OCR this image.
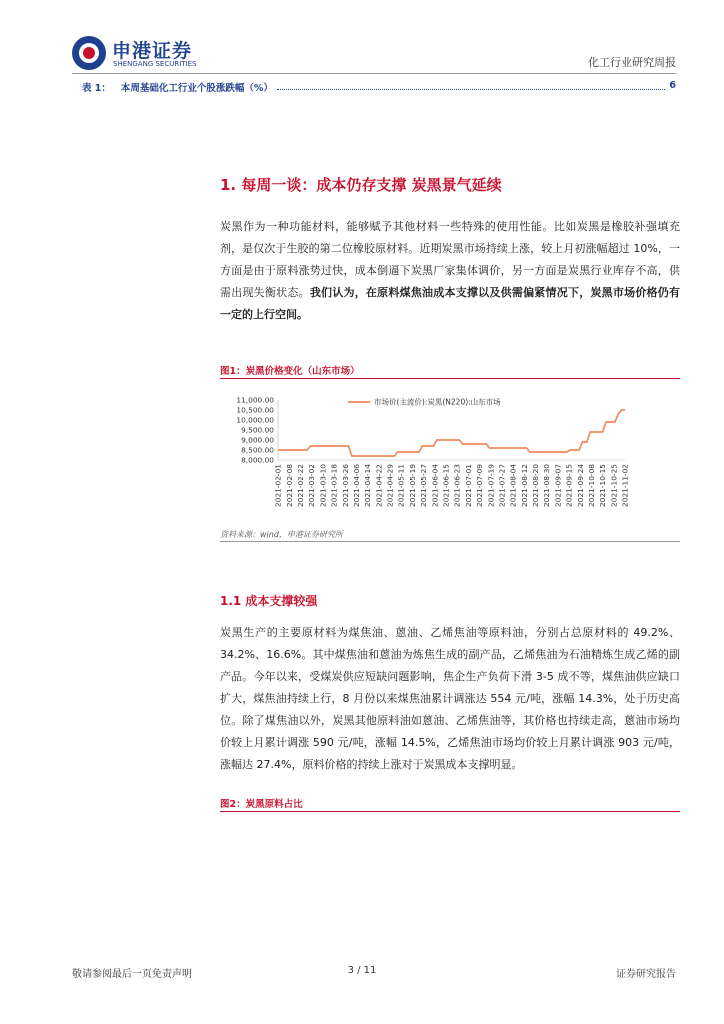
申港证券
SHENGANG SECURITIES	化工行业研究周报
表 1： 本周基础化工行业个股涨跌幅（%）	6
1. 每周一谈：成本仍存支撑 炭黑景气延续

炭黑作为一种功能材料，能够赋予其他材料一些特殊的使用性能。比如炭黑是橡胶补强填充剂，是仅次于生胶的第二位橡胶原材料。近期炭黑市场持续上涨，较上月初涨幅超过 10%，一方面是由于原料涨势过快，成本倒逼下炭黑厂家集体调价，另一方面是炭黑行业库存不高，供需出现失衡状态。我们认为，在原料煤焦油成本支撑以及供需偏紧情况下，炭黑市场价格仍有一定的上行空间。

图1：炭黑价格变化（山东市场）
11,000.00
10,500.00
10,000.00
9,500.00
9,000.00
8,500.00
8,000.00
2021-02-01 2021-02-08 2021-02-22 2021-03-02 2021-03-10 2021-03-18 2021-03-26 2021-04-06 2021-04-14 2021-04-22 2021-04-29 2021-05-11 2021-05-19 2021-05-27 2021-06-04 2021-06-15 2021-06-23 2021-07-01 2021-07-09 2021-07-19 2021-07-27 2021-08-04 2021-08-12 2021-08-20 2021-08-30 2021-09-07 2021-09-15 2021-09-24 2021-10-08 2021-10-15 2021-10-25 2021-11-02
市场价(主流价):炭黑(N220):山东市场
资料来源：wind，申港证券研究所
1.1 成本支撑较强

炭黑生产的主要原材料为煤焦油、蒽油、乙烯焦油等原料油，分别占总原材料的 49.2%、34.2%、16.6%。其中煤焦油和蒽油为炼焦生成的副产品，乙烯焦油为石油精炼生成乙烯的副产品。今年以来，受煤炭供应短缺问题影响，焦企生产负荷下滑 3-5 成不等，煤焦油供应缺口扩大，煤焦油持续上行，8 月份以来煤焦油累计调涨达 554 元/吨，涨幅 14.3%，处于历史高位。除了煤焦油以外，炭黑其他原料油如蒽油、乙烯焦油等，其价格也持续走高，蒽油市场均价较上月累计调涨 590 元/吨，涨幅 14.5%，乙烯焦油市场均价较上月累计调涨 903 元/吨，涨幅达 27.4%，原料价格的持续上涨对于炭黑成本支撑明显。

图2：炭黑原料占比
敬请参阅最后一页免责声明	3 / 11	证券研究报告
